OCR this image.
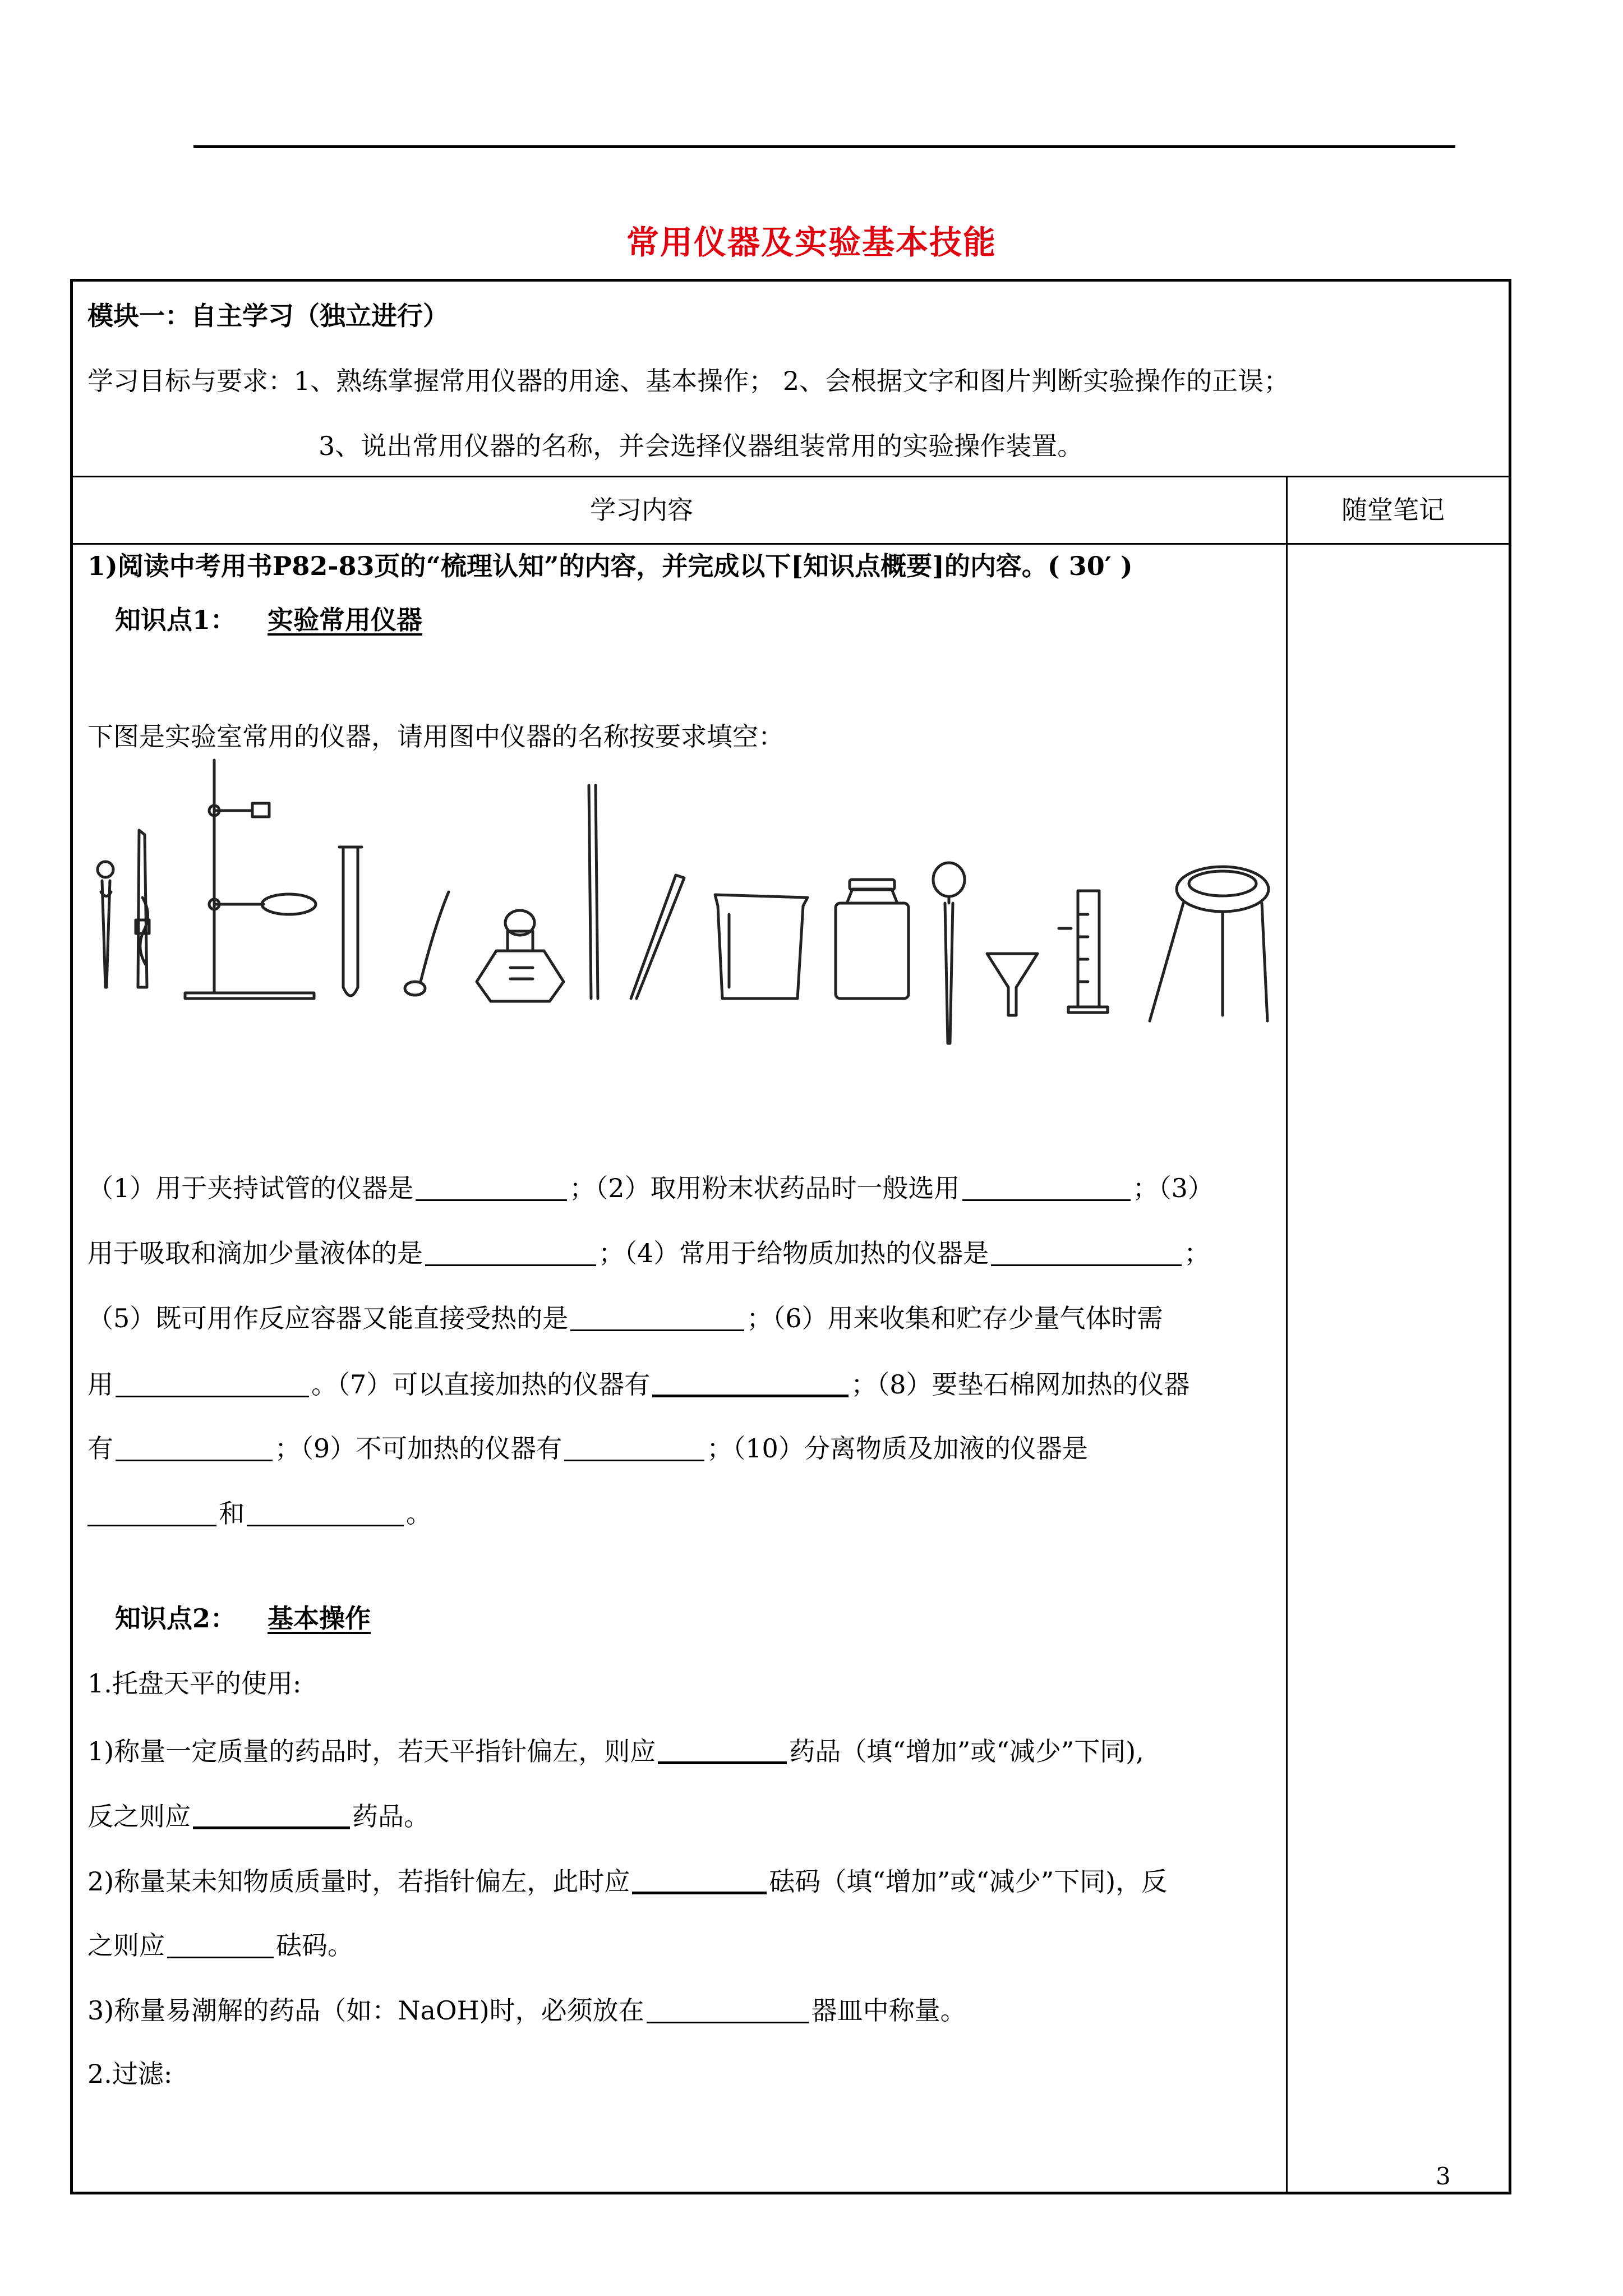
常用仪器及实验基本技能
模块一：自主学习（独立进行）
学习目标与要求：1、熟练掌握常用仪器的用途、基本操作； 2、会根据文字和图片判断实验操作的正误；
3、说出常用仪器的名称，并会选择仪器组装常用的实验操作装置。
学习内容	随堂笔记
1)阅读中考用书P82-83页的“梳理认知”的内容，并完成以下[知识点概要]的内容。( 30′ )
知识点1： 实验常用仪器
下图是实验室常用的仪器，请用图中仪器的名称按要求填空：
（1）用于夹持试管的仪器是	；（2）取用粉末状药品时一般选用	；（3）
用于吸取和滴加少量液体的是	；（4）常用于给物质加热的仪器是	；
（5）既可用作反应容器又能直接受热的是	；（6）用来收集和贮存少量气体时需
用	。（7）可以直接加热的仪器有	；（8）要垫石棉网加热的仪器
有	；（9）不可加热的仪器有	；（10）分离物质及加液的仪器是
和	。
知识点2： 基本操作
1.托盘天平的使用:
1)称量一定质量的药品时，若天平指针偏左，则应	药品（填“增加”或“减少”下同),
反之则应	药品。
2)称量某未知物质质量时，若指针偏左，此时应	砝码（填“增加”或“减少”下同)，反
之则应	砝码。
3)称量易潮解的药品（如：NaOH)时，必须放在	器皿中称量。
2.过滤:
3
